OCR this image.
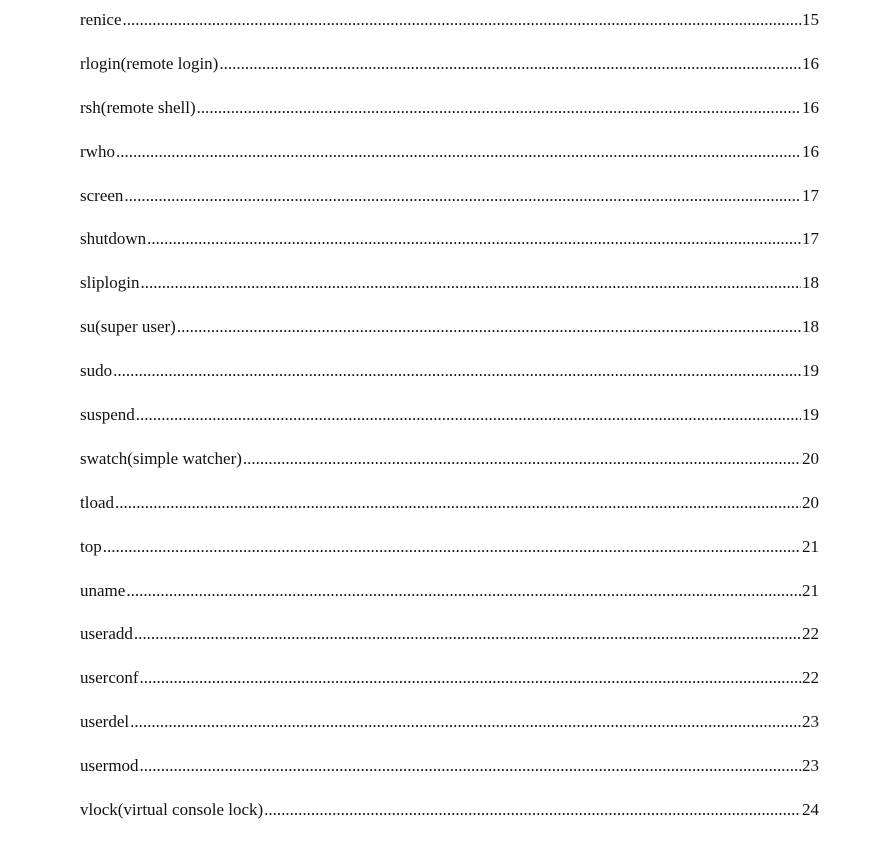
renice .....	15
rlogin(remote login) .....	16
rsh(remote shell) .....	16
rwho .....	16
screen .....	17
shutdown .....	17
sliplogin .....	18
su(super user) .....	18
sudo .....	19
suspend .....	19
swatch(simple watcher) .....	20
tload .....	20
top .....	21
uname .....	21
useradd .....	22
userconf .....	22
userdel .....	23
usermod .....	23
vlock(virtual console lock) .....	24
